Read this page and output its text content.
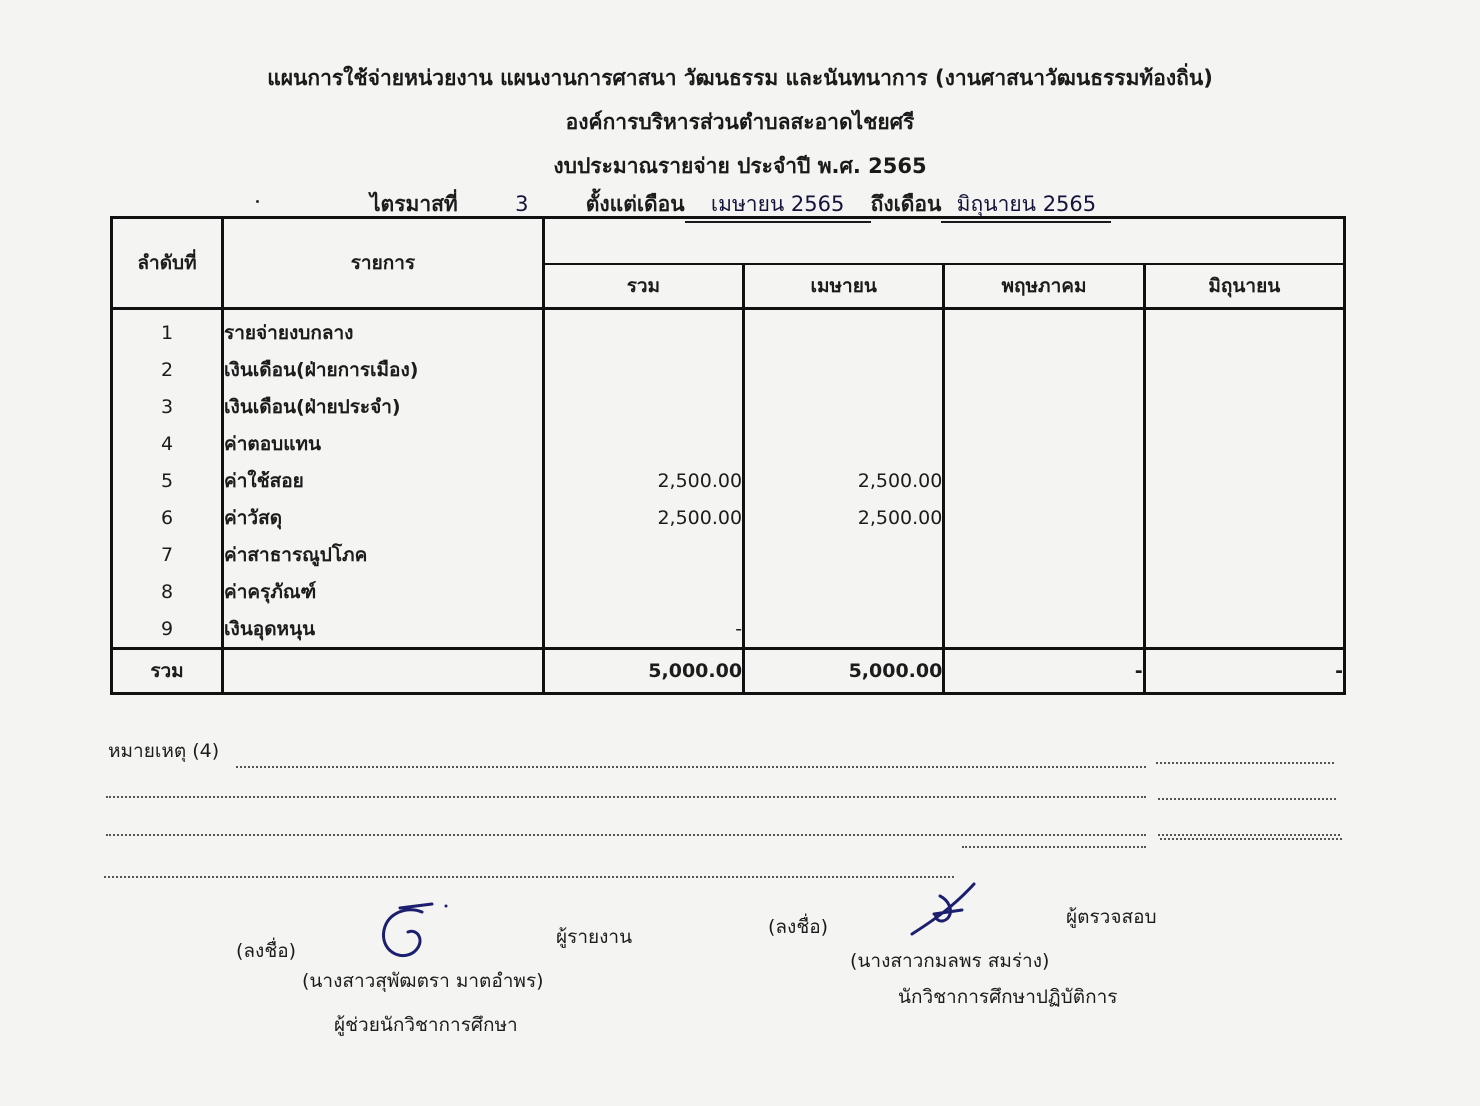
แผนการใช้จ่ายหน่วยงาน แผนงานการศาสนา วัฒนธรรม และนันทนาการ (งานศาสนาวัฒนธรรมท้องถิ่น)
องค์การบริหารส่วนตำบลสะอาดไชยศรี
งบประมาณรายจ่าย ประจำปี พ.ศ. 2565
ไตรมาสที่	3	ตั้งแต่เดือน เมษายน 2565 ถึงเดือน มิถุนายน 2565
ลำดับที่	รายการ				
		รวม	เมษายน	พฤษภาคม	มิถุนายน
1	รายจ่ายงบกลาง				
2	เงินเดือน(ฝ่ายการเมือง)				
3	เงินเดือน(ฝ่ายประจำ)				
4	ค่าตอบแทน				
5	ค่าใช้สอย	2,500.00	2,500.00		
6	ค่าวัสดุ	2,500.00	2,500.00		
7	ค่าสาธารณูปโภค				
8	ค่าครุภัณฑ์				
9	เงินอุดหนุน	-			
รวม		5,000.00	5,000.00	-	-
หมายเหตุ (4)
(ลงชื่อ)
ผู้รายงาน
(นางสาวสุพัฒตรา มาตอำพร)
ผู้ช่วยนักวิชาการศึกษา
(ลงชื่อ)	ผู้ตรวจสอบ
(นางสาวกมลพร สมร่าง)
นักวิชาการศึกษาปฏิบัติการ
